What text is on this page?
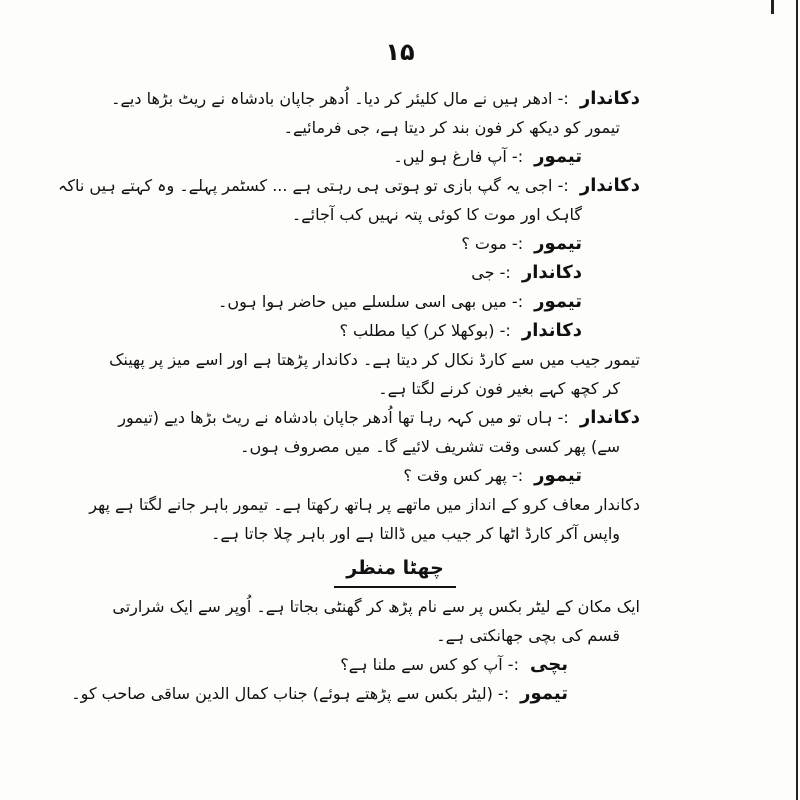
۱۵
دکاندار :- ادھر ہیں نے مال کلیئر کر دیا۔ اُدھر جاپان بادشاہ نے ریٹ بڑھا دیے۔
تیمور کو دیکھ کر فون بند کر دیتا ہے، جی فرمائیے۔
تیمور :- آپ فارغ ہو لیں۔
دکاندار :- اجی یہ گپ بازی تو ہوتی ہی رہتی ہے ... کسٹمر پہلے۔ وہ کہتے ہیں ناکہ
گاہک اور موت کا کوئی پتہ نہیں کب آجائے۔
تیمور :- موت ؟
دکاندار :- جی
تیمور :- میں بھی اسی سلسلے میں حاضر ہوا ہوں۔
دکاندار :- (بوکھلا کر) کیا مطلب ؟
تیمور جیب میں سے کارڈ نکال کر دیتا ہے۔ دکاندار پڑھتا ہے اور اسے میز پر پھینک
کر کچھ کہے بغیر فون کرنے لگتا ہے۔
دکاندار :- ہاں تو میں کہہ رہا تھا اُدھر جاپان بادشاہ نے ریٹ بڑھا دیے (تیمور
سے) پھر کسی وقت تشریف لائیے گا۔ میں مصروف ہوں۔
تیمور :- پھر کس وقت ؟
دکاندار معاف کرو کے انداز میں ماتھے پر ہاتھ رکھتا ہے۔ تیمور باہر جانے لگتا ہے پھر
واپس آکر کارڈ اٹھا کر جیب میں ڈالتا ہے اور باہر چلا جاتا ہے۔
چھٹا منظر
ایک مکان کے لیٹر بکس پر سے نام پڑھ کر گھنٹی بجاتا ہے۔ اُوپر سے ایک شرارتی
قسم کی بچی جھانکتی ہے۔
بچی :- آپ کو کس سے ملنا ہے؟
تیمور :- (لیٹر بکس سے پڑھتے ہوئے) جناب کمال الدین ساقی صاحب کو۔
